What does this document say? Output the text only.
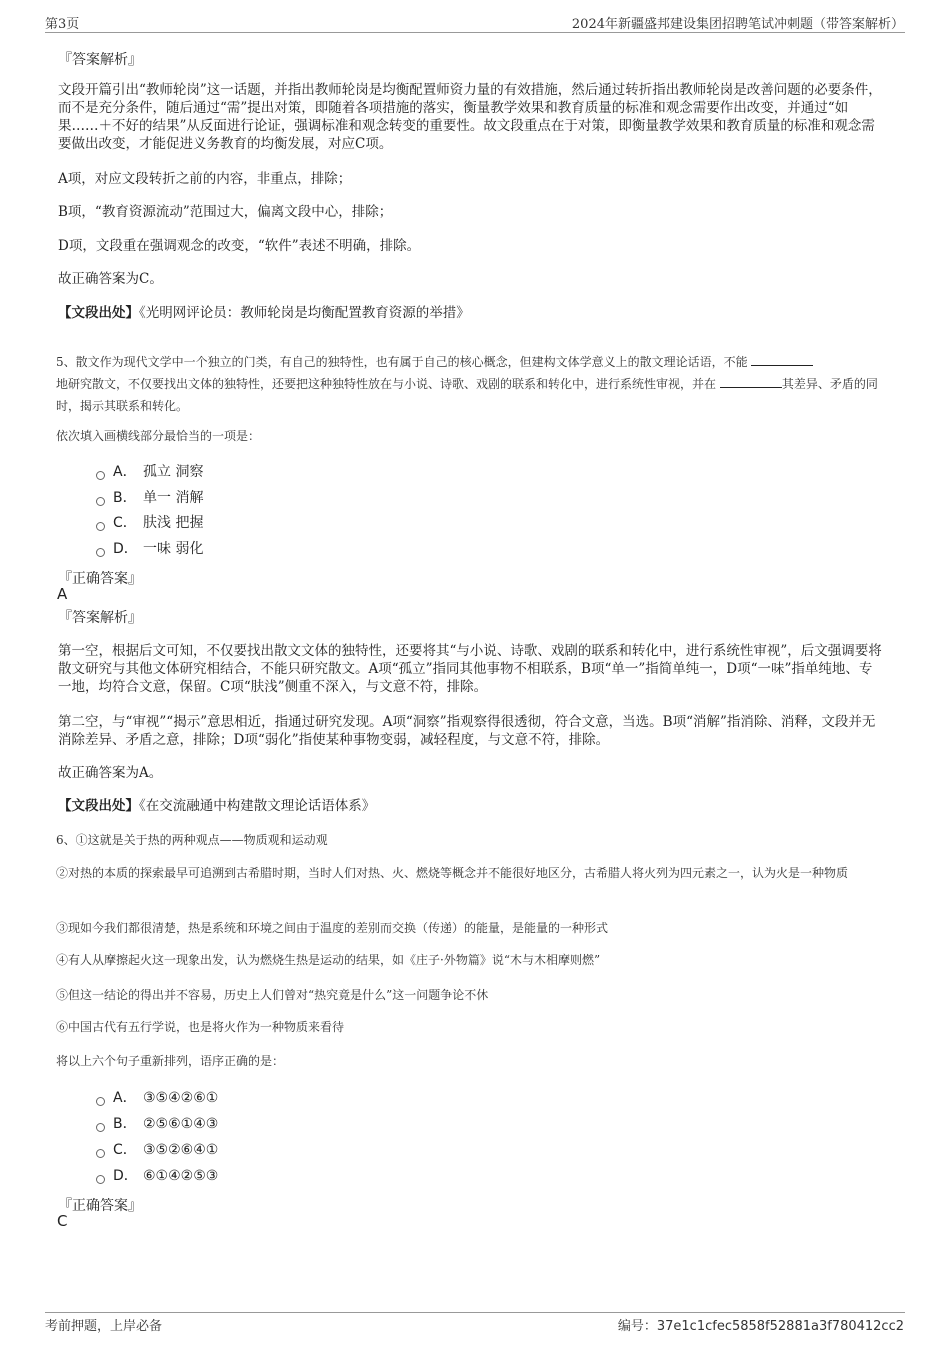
第3页	2024年新疆盛邦建设集团招聘笔试冲刺题（带答案解析）
『答案解析』
文段开篇引出“教师轮岗”这一话题，并指出教师轮岗是均衡配置师资力量的有效措施，然后通过转折指出教师轮岗是改善问题的必要条件，而不是充分条件，随后通过“需”提出对策，即随着各项措施的落实，衡量教学效果和教育质量的标准和观念需要作出改变，并通过“如果……＋不好的结果”从反面进行论证，强调标准和观念转变的重要性。故文段重点在于对策，即衡量教学效果和教育质量的标准和观念需要做出改变，才能促进义务教育的均衡发展，对应C项。
A项，对应文段转折之前的内容，非重点，排除；
B项，“教育资源流动”范围过大，偏离文段中心，排除；
D项，文段重在强调观念的改变，“软件”表述不明确，排除。
故正确答案为C。
【文段出处】《光明网评论员：教师轮岗是均衡配置教育资源的举措》
5、散文作为现代文学中一个独立的门类，有自己的独特性，也有属于自己的核心概念，但建构文体学意义上的散文理论话语，不能
地研究散文，不仅要找出文体的独特性，还要把这种独特性放在与小说、诗歌、戏剧的联系和转化中，进行系统性审视，并在	其差异、矛盾的同时，揭示其联系和转化。
依次填入画横线部分最恰当的一项是：
A． 孤立 洞察
B． 单一 消解
C． 肤浅 把握
D． 一味 弱化
『正确答案』
A
『答案解析』
第一空，根据后文可知，不仅要找出散文文体的独特性，还要将其“与小说、诗歌、戏剧的联系和转化中，进行系统性审视”，后文强调要将散文研究与其他文体研究相结合，不能只研究散文。A项“孤立”指同其他事物不相联系，B项“单一”指简单纯一，D项“一味”指单纯地、专一地，均符合文意，保留。C项“肤浅”侧重不深入，与文意不符，排除。
第二空，与“审视”“揭示”意思相近，指通过研究发现。A项“洞察”指观察得很透彻，符合文意，当选。B项“消解”指消除、消释，文段并无消除差异、矛盾之意，排除；D项“弱化”指使某种事物变弱，减轻程度，与文意不符，排除。
故正确答案为A。
【文段出处】《在交流融通中构建散文理论话语体系》
6、①这就是关于热的两种观点——物质观和运动观
②对热的本质的探索最早可追溯到古希腊时期，当时人们对热、火、燃烧等概念并不能很好地区分，古希腊人将火列为四元素之一，认为火是一种物质
③现如今我们都很清楚，热是系统和环境之间由于温度的差别而交换（传递）的能量，是能量的一种形式
④有人从摩擦起火这一现象出发，认为燃烧生热是运动的结果，如《庄子·外物篇》说“木与木相摩则燃”
⑤但这一结论的得出并不容易，历史上人们曾对“热究竟是什么”这一问题争论不休
⑥中国古代有五行学说，也是将火作为一种物质来看待
将以上六个句子重新排列，语序正确的是：
A． ③⑤④②⑥①
B． ②⑤⑥①④③
C． ③⑤②⑥④①
D． ⑥①④②⑤③
『正确答案』
C
考前押题，上岸必备	编号：37e1c1cfec5858f52881a3f780412cc2
